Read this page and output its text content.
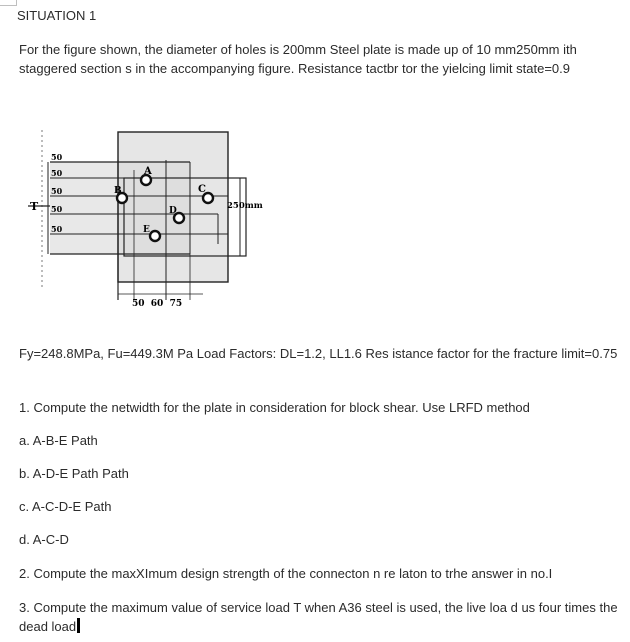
SITUATION 1
For the figure shown, the diameter of holes is 200mm Steel plate is made up of 10 mm250mm ith staggered section s in the accompanying figure. Resistance tactbr tor the yielcing limit state=0.9
T
A
B	C
D
E
50
50
50
50
50
250mm
50  60  75
Fy=248.8MPa, Fu=449.3M Pa Load Factors: DL=1.2, LL1.6 Res istance factor for the fracture limit=0.75
1. Compute the netwidth for the plate in consideration for block shear. Use LRFD method
a. A-B-E Path
b. A-D-E Path Path
c. A-C-D-E Path
d. A-C-D
2. Compute the maxXImum design strength of the connecton n re laton to trhe answer in no.I
3. Compute the maximum value of service load T when A36 steel is used, the live loa d us four times the dead load
